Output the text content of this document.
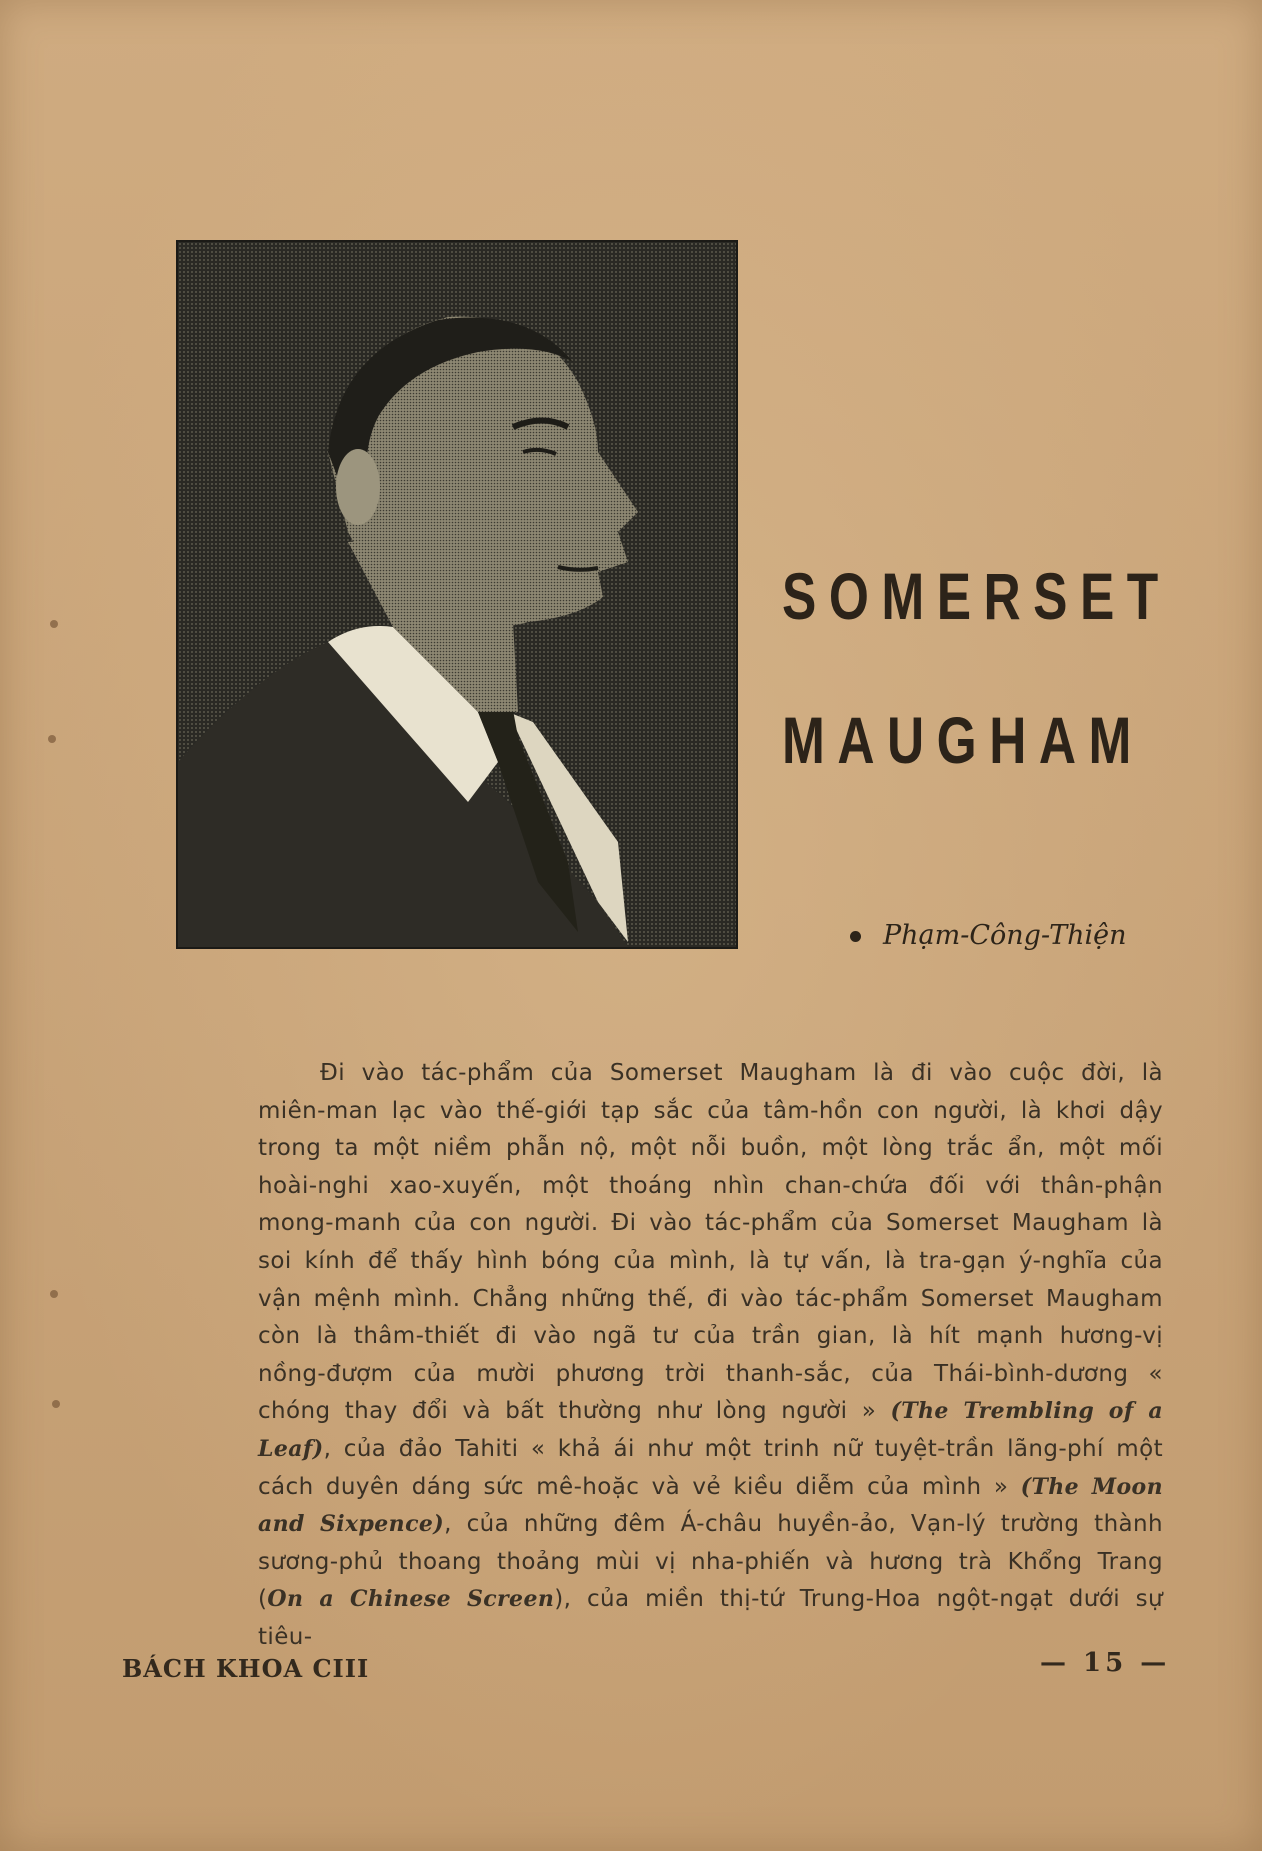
SOMERSET
MAUGHAM
Phạm-Công-Thiện
Đi vào tác-phẩm của Somerset Maugham là đi vào cuộc đời, là miên-man lạc vào thế-giới tạp sắc của tâm-hồn con người, là khơi dậy trong ta một niềm phẫn nộ, một nỗi buồn, một lòng trắc ẩn, một mối hoài-nghi xao-xuyến, một thoáng nhìn chan-chứa đối với thân-phận mong-manh của con người. Đi vào tác-phẩm của Somerset Maugham là soi kính để thấy hình bóng của mình, là tự vấn, là tra-gạn ý-nghĩa của vận mệnh mình. Chẳng những thế, đi vào tác-phẩm Somerset Maugham còn là thâm-thiết đi vào ngã tư của trần gian, là hít mạnh hương-vị nồng-đượm của mười phương trời thanh-sắc, của Thái-bình-dương « chóng thay đổi và bất thường như lòng người » (The Trembling of a Leaf), của đảo Tahiti « khả ái như một trinh nữ tuyệt-trần lãng-phí một cách duyên dáng sức mê-hoặc và vẻ kiều diễm của mình » (The Moon and Sixpence), của những đêm Á-châu huyền-ảo, Vạn-lý trường thành sương-phủ thoang thoảng mùi vị nha-phiến và hương trà Khổng Trang (On a Chinese Screen), của miền thị-tứ Trung-Hoa ngột-ngạt dưới sự tiêu-
BÁCH KHOA CIII	— 15 —
